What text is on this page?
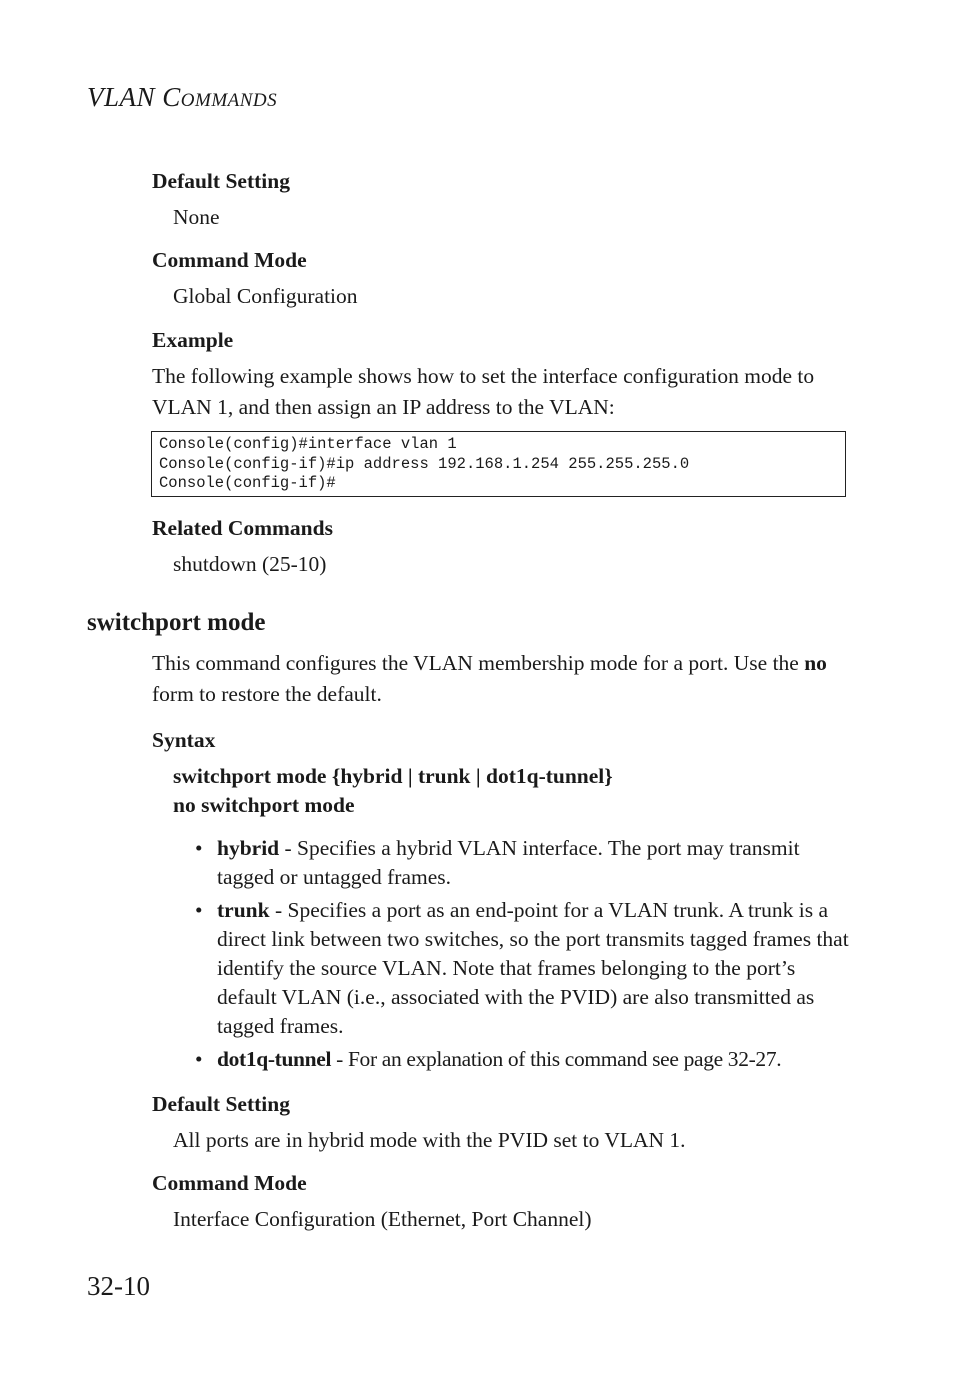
VLAN COMMANDS
Default Setting
None
Command Mode
Global Configuration
Example
The following example shows how to set the interface configuration mode to VLAN 1, and then assign an IP address to the VLAN:
Console(config)#interface vlan 1
Console(config-if)#ip address 192.168.1.254 255.255.255.0
Console(config-if)#
Related Commands
shutdown (25-10)
switchport mode
This command configures the VLAN membership mode for a port. Use the no form to restore the default.
Syntax
switchport mode {hybrid | trunk | dot1q-tunnel}
no switchport mode
• hybrid - Specifies a hybrid VLAN interface. The port may transmit tagged or untagged frames.
• trunk - Specifies a port as an end-point for a VLAN trunk. A trunk is a direct link between two switches, so the port transmits tagged frames that identify the source VLAN. Note that frames belonging to the port’s default VLAN (i.e., associated with the PVID) are also transmitted as tagged frames.
• dot1q-tunnel - For an explanation of this command see page 32-27.
Default Setting
All ports are in hybrid mode with the PVID set to VLAN 1.
Command Mode
Interface Configuration (Ethernet, Port Channel)
32-10
